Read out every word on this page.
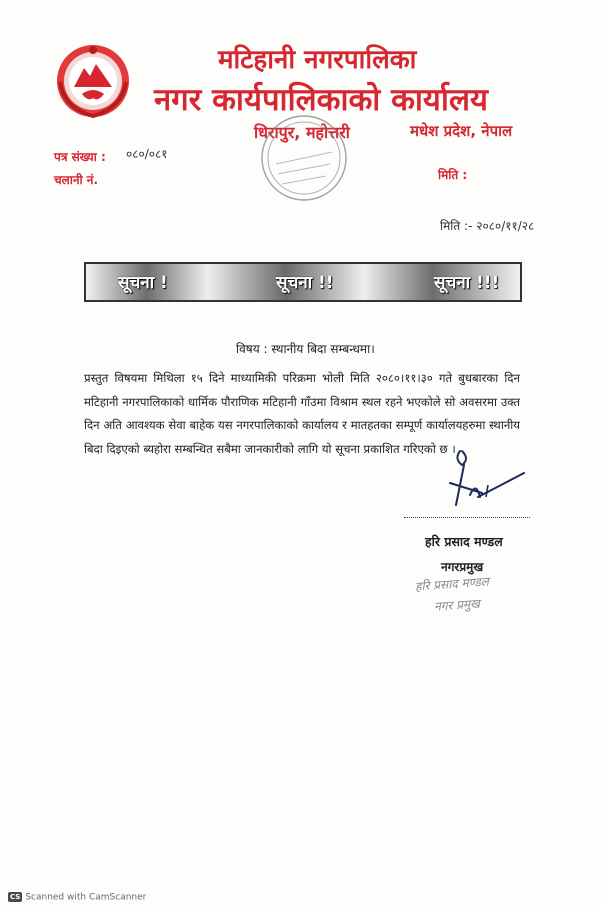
मटिहानी नगरपालिका
नगर कार्यपालिकाको कार्यालय
धिरापुर, महोत्तरी	मधेश प्रदेश, नेपाल
पत्र संख्या : ०८०/०८१
चलानी नं.	मिति :
मिति :- २०८०/११/२८
सूचना !	सूचना !!	सूचना !!!
विषय : स्थानीय बिदा सम्बन्धमा।
प्रस्तुत विषयमा मिथिला १५ दिने माध्यामिकी परिक्रमा भोली मिति २०८०।११।३० गते बुधबारका दिन मटिहानी नगरपालिकाको धार्मिक पौराणिक मटिहानी गाँउमा विश्राम स्थल रहने भएकोले सो अवसरमा उक्त दिन अति आवश्यक सेवा बाहेक यस नगरपालिकाको कार्यालय र मातहतका सम्पूर्ण कार्यालयहरुमा स्थानीय बिदा दिइएको ब्यहोरा सम्बन्धित सबैमा जानकारीको लागि यो सूचना प्रकाशित गरिएको छ ।
हरि प्रसाद मण्डल
नगरप्रमुख
हरि प्रसाद मण्डल
नगर प्रमुख
CS Scanned with CamScanner
